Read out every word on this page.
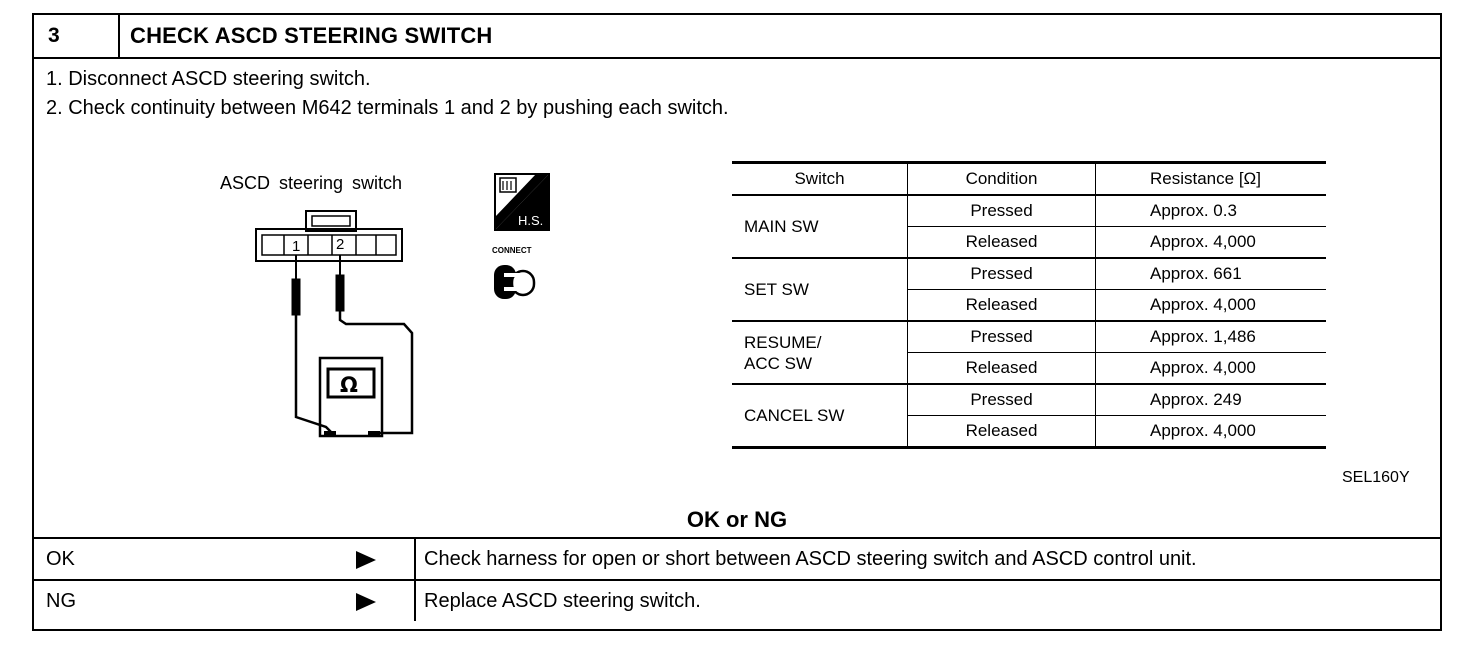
3	CHECK ASCD STEERING SWITCH
1. Disconnect ASCD steering switch.
2. Check continuity between M642 terminals 1 and 2 by pushing each switch.
ASCD steering switch
1 2
Ω
H.S.
CONNECT
Switch	Condition	Resistance [Ω]
MAIN SW	Pressed	Approx. 0.3
	Released	Approx. 4,000
SET SW	Pressed	Approx. 661
	Released	Approx. 4,000
RESUME/
ACC SW	Pressed	Approx. 1,486
	Released	Approx. 4,000
CANCEL SW	Pressed	Approx. 249
	Released	Approx. 4,000
SEL160Y
OK or NG
OK	Check harness for open or short between ASCD steering switch and ASCD control unit.
NG	Replace ASCD steering switch.
